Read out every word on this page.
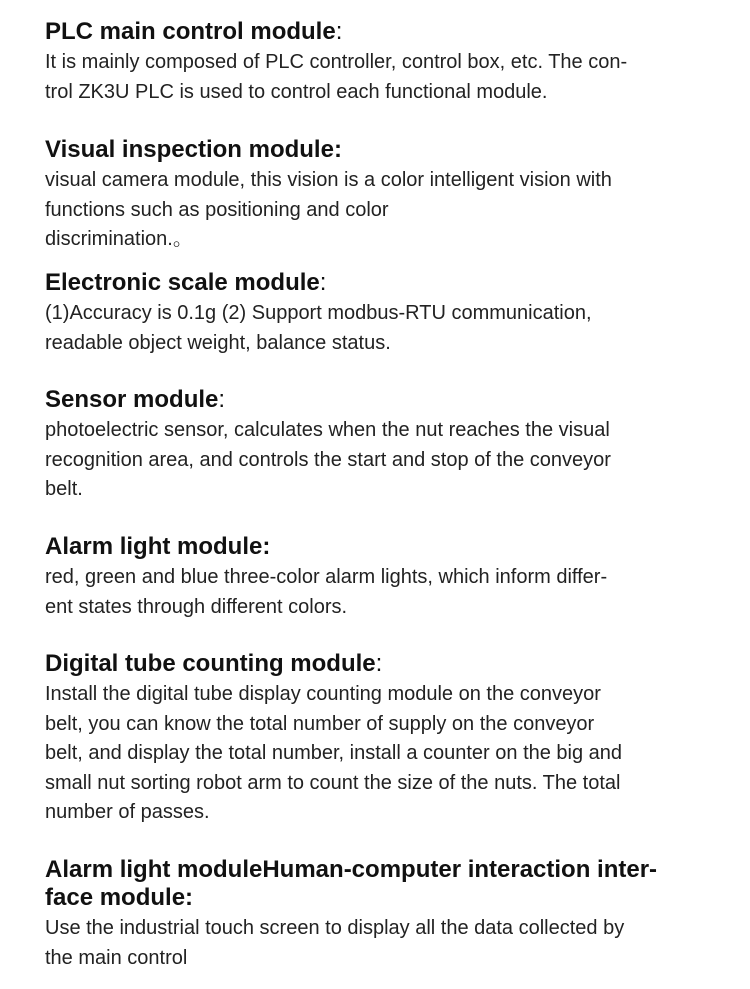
PLC main control module:

It is mainly composed of PLC controller, control box, etc. The con-
trol ZK3U PLC is used to control each functional module.

Visual inspection module:

visual camera module, this vision is a color intelligent vision with
functions such as positioning and color
discrimination.。

Electronic scale module:

(1)Accuracy is 0.1g (2) Support modbus-RTU communication,
readable object weight, balance status.

Sensor module:

photoelectric sensor, calculates when the nut reaches the visual
recognition area, and controls the start and stop of the conveyor
belt.

Alarm light module:

red, green and blue three-color alarm lights, which inform differ-
ent states through different colors.

Digital tube counting module:

Install the digital tube display counting module on the conveyor
belt, you can know the total number of supply on the conveyor
belt, and display the total number, install a counter on the big and
small nut sorting robot arm to count the size of the nuts. The total
number of passes.

Alarm light moduleHuman-computer interaction inter-
face module:

Use the industrial touch screen to display all the data collected by
the main control
